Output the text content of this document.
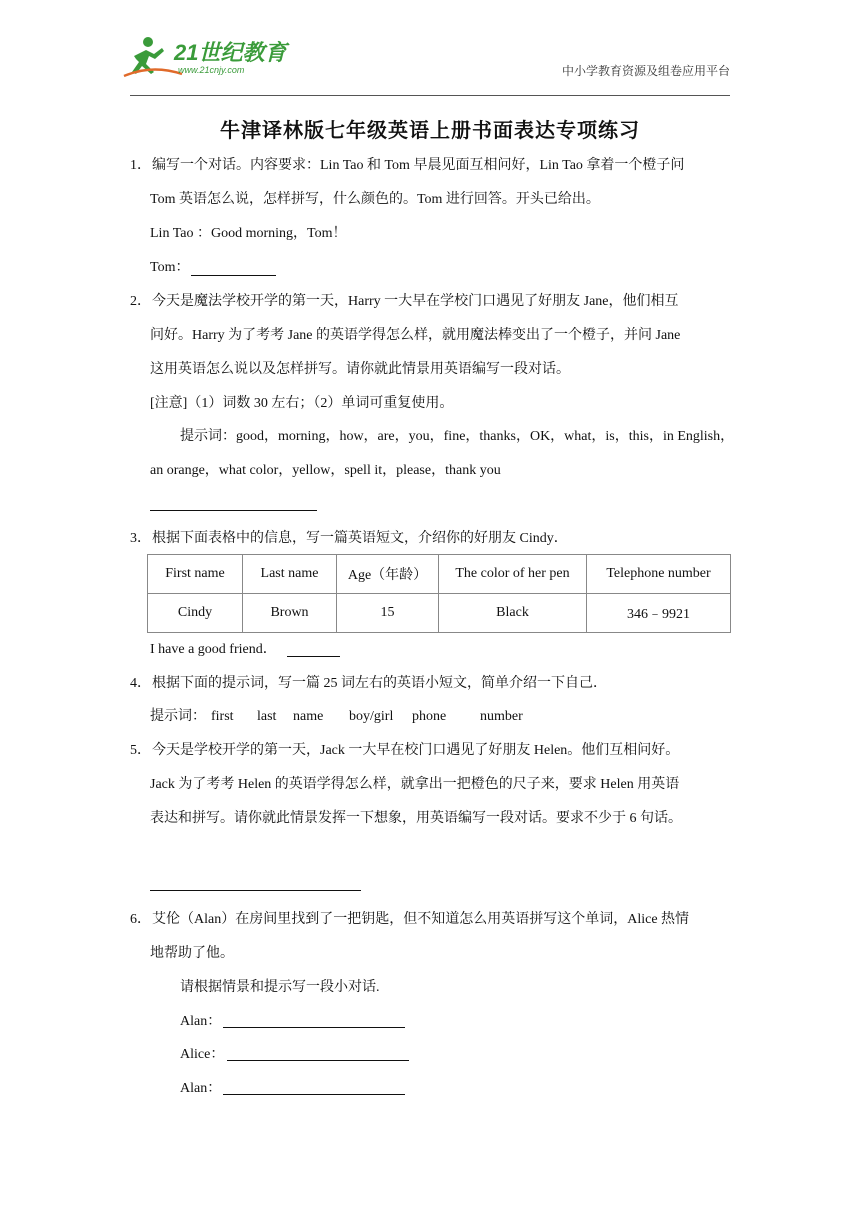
21世纪教育
www.21cnjy.com	中小学教育资源及组卷应用平台
牛津译林版七年级英语上册书面表达专项练习
1． 编写一个对话。内容要求：Lin Tao 和 Tom 早晨见面互相问好，Lin Tao 拿着一个橙子问
Tom 英语怎么说，怎样拼写，什么颜色的。Tom 进行回答。开头已给出。
Lin Tao ：Good morning，Tom！
Tom：
2． 今天是魔法学校开学的第一天，Harry 一大早在学校门口遇见了好朋友 Jane，他们相互
问好。Harry 为了考考 Jane 的英语学得怎么样，就用魔法棒变出了一个橙子，并问 Jane
这用英语怎么说以及怎样拼写。请你就此情景用英语编写一段对话。
[注意]（1）词数 30 左右；（2）单词可重复使用。
提示词：good，morning，how，are，you，fine，thanks，OK，what，is，this，in English，
an orange，what color，yellow，spell it，please，thank you
3． 根据下面表格中的信息，写一篇英语短文，介绍你的好朋友 Cindy．
First name	Last name	Age（年龄）	The color of her pen	Telephone number
Cindy	Brown	15	Black	346﹣9921
I have a good friend．
4． 根据下面的提示词，写一篇 25 词左右的英语小短文，简单介绍一下自己．
提示词： first last name boy/girl phone number
5． 今天是学校开学的第一天，Jack 一大早在校门口遇见了好朋友 Helen。他们互相问好。
Jack 为了考考 Helen 的英语学得怎么样，就拿出一把橙色的尺子来，要求 Helen 用英语
表达和拼写。请你就此情景发挥一下想象，用英语编写一段对话。要求不少于 6 句话。
6． 艾伦（Alan）在房间里找到了一把钥匙，但不知道怎么用英语拼写这个单词，Alice 热情
地帮助了他。
请根据情景和提示写一段小对话.
Alan：
Alice：
Alan：
